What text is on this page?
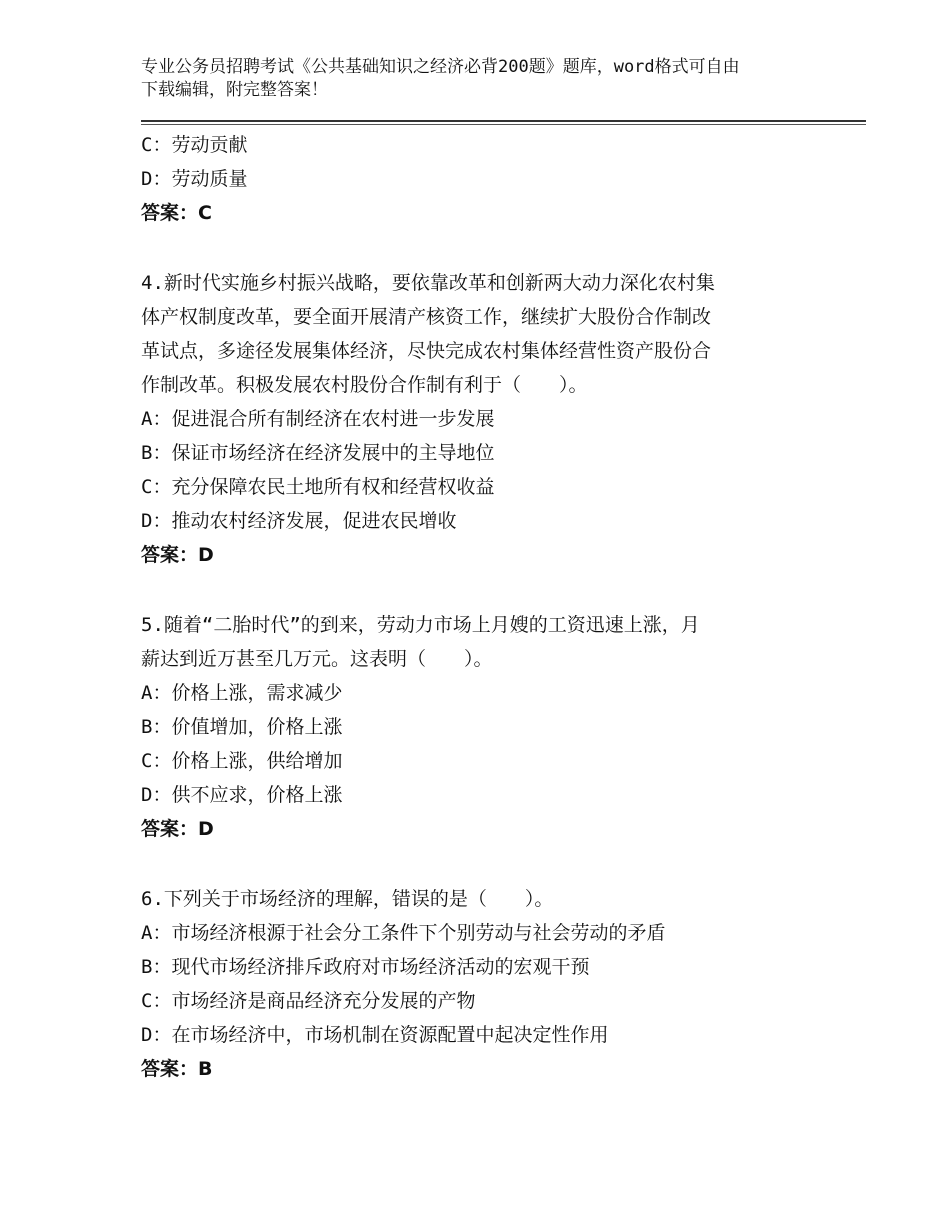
专业公务员招聘考试《公共基础知识之经济必背200题》题库，word格式可自由
下载编辑，附完整答案！
C：劳动贡献
D：劳动质量
答案：C
4.新时代实施乡村振兴战略，要依靠改革和创新两大动力深化农村集
体产权制度改革，要全面开展清产核资工作，继续扩大股份合作制改
革试点，多途径发展集体经济，尽快完成农村集体经营性资产股份合
作制改革。积极发展农村股份合作制有利于（　　）。
A：促进混合所有制经济在农村进一步发展
B：保证市场经济在经济发展中的主导地位
C：充分保障农民土地所有权和经营权收益
D：推动农村经济发展，促进农民增收
答案：D
5.随着“二胎时代”的到来，劳动力市场上月嫂的工资迅速上涨，月
薪达到近万甚至几万元。这表明（　　）。
A：价格上涨，需求减少
B：价值增加，价格上涨
C：价格上涨，供给增加
D：供不应求，价格上涨
答案：D
6.下列关于市场经济的理解，错误的是（　　）。
A：市场经济根源于社会分工条件下个别劳动与社会劳动的矛盾
B：现代市场经济排斥政府对市场经济活动的宏观干预
C：市场经济是商品经济充分发展的产物
D：在市场经济中，市场机制在资源配置中起决定性作用
答案：B
